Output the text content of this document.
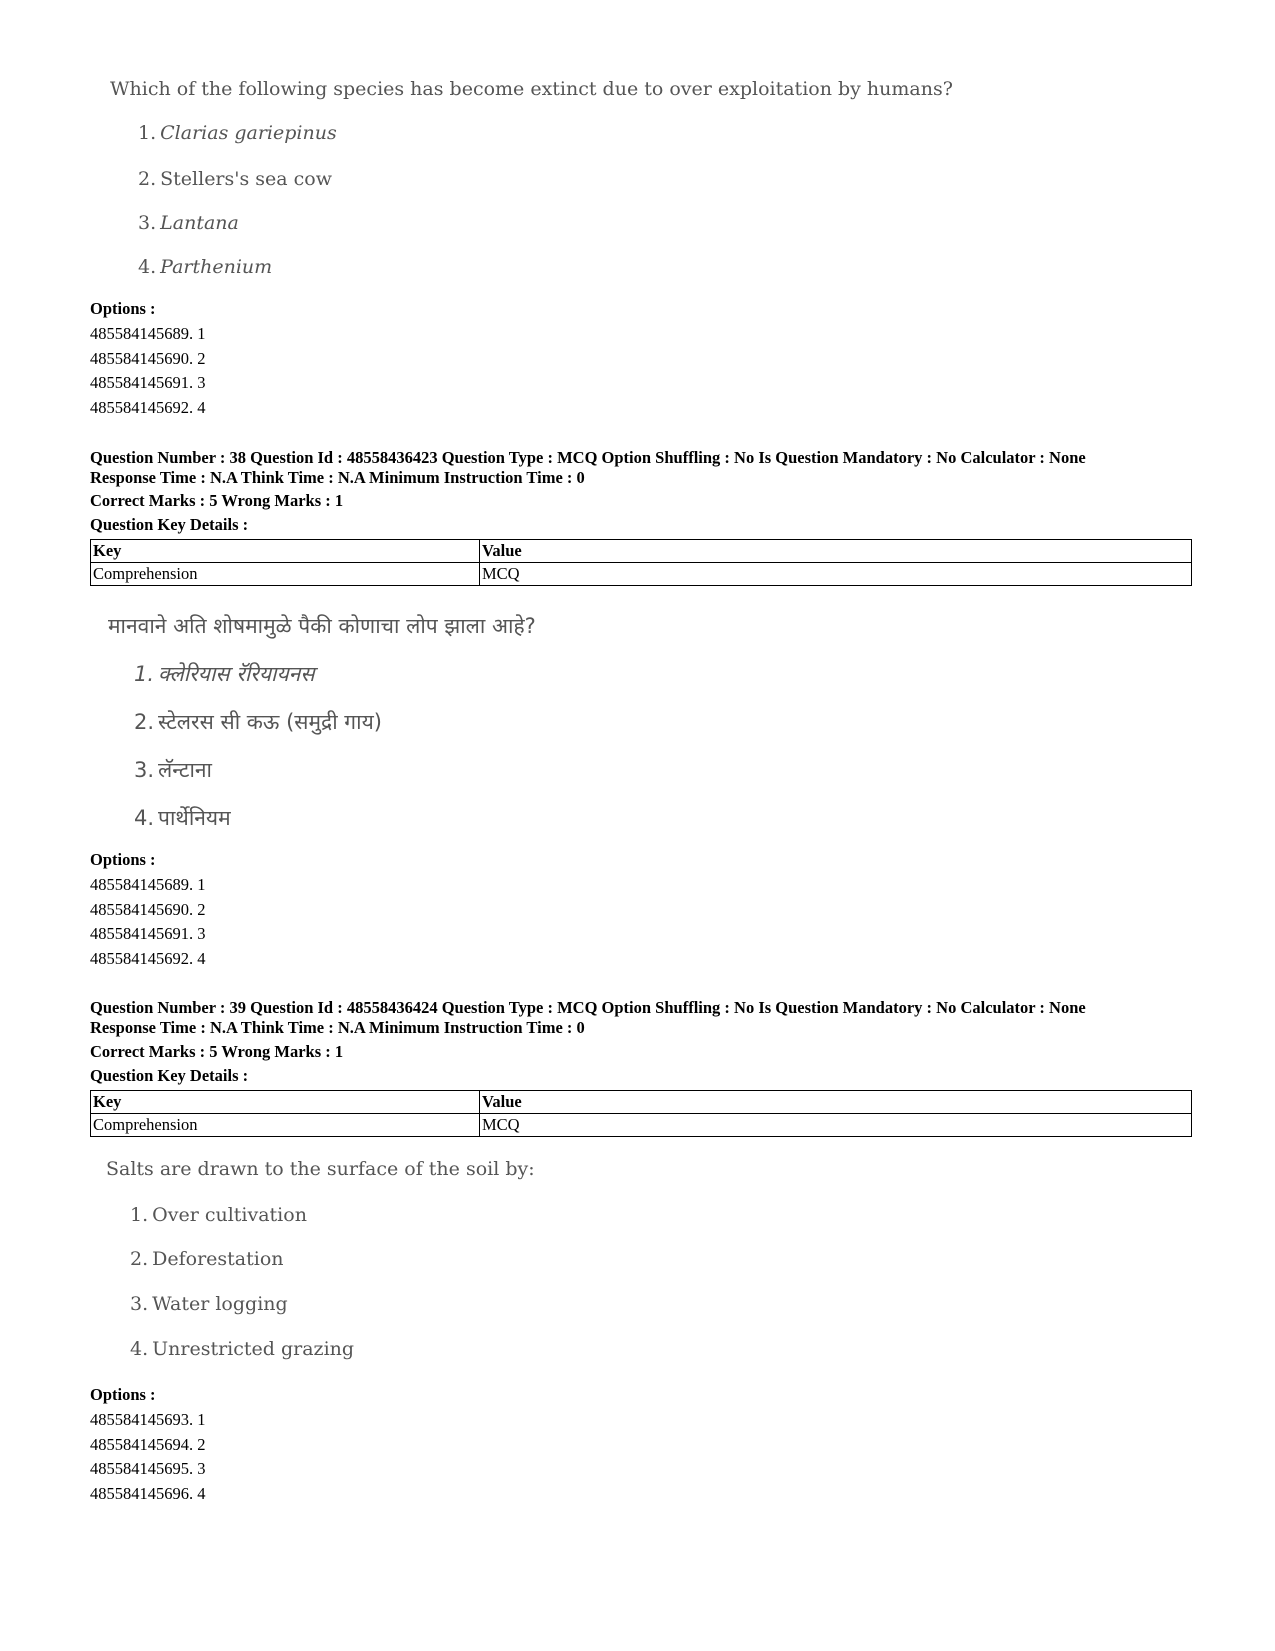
Which of the following species has become extinct due to over exploitation by humans?
1. Clarias gariepinus
2. Stellers's sea cow
3. Lantana
4. Parthenium
Options :
485584145689. 1
485584145690. 2
485584145691. 3
485584145692. 4
Question Number : 38 Question Id : 48558436423 Question Type : MCQ Option Shuffling : No Is Question Mandatory : No Calculator : None
Response Time : N.A Think Time : N.A Minimum Instruction Time : 0
Correct Marks : 5 Wrong Marks : 1
Question Key Details :
Key	Value
Comprehension	MCQ
मानवाने अति शोषमामुळे पैकी कोणाचा लोप झाला आहे?
1. क्लेरियास रॅरियायनस
2. स्टेलरस सी कऊ (समुद्री गाय)
3. लॅन्टाना
4. पार्थेनियम
Options :
485584145689. 1
485584145690. 2
485584145691. 3
485584145692. 4
Question Number : 39 Question Id : 48558436424 Question Type : MCQ Option Shuffling : No Is Question Mandatory : No Calculator : None
Response Time : N.A Think Time : N.A Minimum Instruction Time : 0
Correct Marks : 5 Wrong Marks : 1
Question Key Details :
Key	Value
Comprehension	MCQ
Salts are drawn to the surface of the soil by:
1. Over cultivation
2. Deforestation
3. Water logging
4. Unrestricted grazing
Options :
485584145693. 1
485584145694. 2
485584145695. 3
485584145696. 4
